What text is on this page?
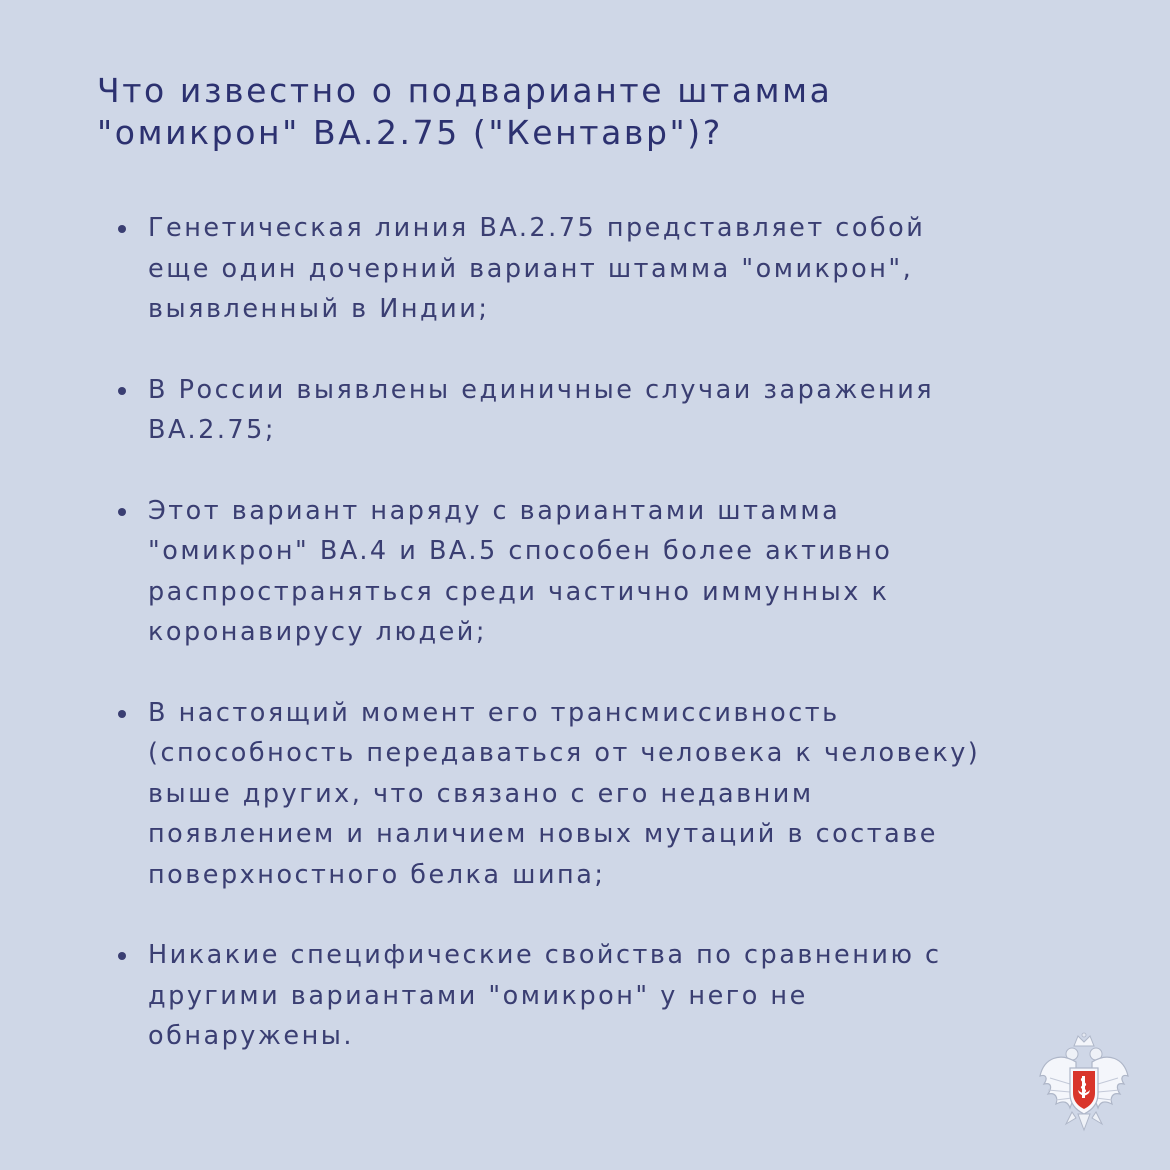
Что известно о подварианте штамма
"омикрон" BA.2.75 ("Кентавр")?
Генетическая линия BA.2.75 представляет собой
еще один дочерний вариант штамма "омикрон",
выявленный в Индии;
В России выявлены единичные случаи заражения
BA.2.75;
Этот вариант наряду с вариантами штамма
"омикрон" BA.4 и BA.5 способен более активно
распространяться среди частично иммунных к
коронавирусу людей;
В настоящий момент его трансмиссивность
(способность передаваться от человека к человеку)
выше других, что связано с его недавним
появлением и наличием новых мутаций в составе
поверхностного белка шипа;
Никакие специфические свойства по сравнению с
другими вариантами "омикрон" у него не
обнаружены.
